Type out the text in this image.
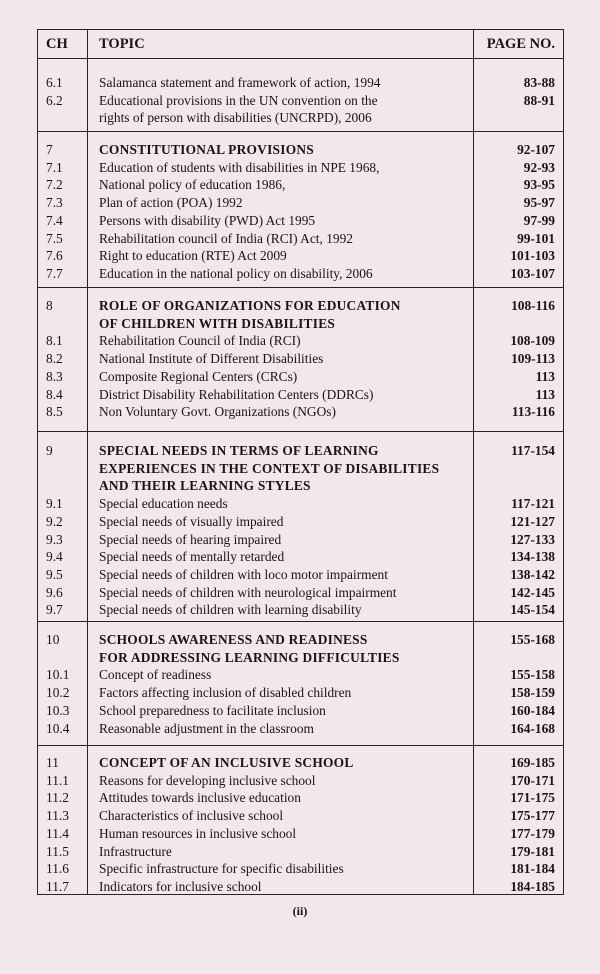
CH TOPIC	PAGE NO.
6.1	Salamanca statement and framework of action, 1994	83-88
6.2	Educational provisions in the UN convention on the	88-91
rights of person with disabilities (UNCRPD), 2006
7	CONSTITUTIONAL PROVISIONS	92-107
7.1	Education of students with disabilities in NPE 1968,	92-93
7.2	National policy of education 1986,	93-95
7.3	Plan of action (POA) 1992	95-97
7.4	Persons with disability (PWD) Act 1995	97-99
7.5	Rehabilitation council of India (RCI) Act, 1992	99-101
7.6	Right to education (RTE) Act 2009	101-103
7.7	Education in the national policy on disability, 2006	103-107
8	ROLE OF ORGANIZATIONS FOR EDUCATION	108-116
OF CHILDREN WITH DISABILITIES
8.1	Rehabilitation Council of India (RCI)	108-109
8.2	National Institute of Different Disabilities	109-113
8.3	Composite Regional Centers (CRCs)	113
8.4	District Disability Rehabilitation Centers (DDRCs)	113
8.5	Non Voluntary Govt. Organizations (NGOs)	113-116
9	SPECIAL NEEDS IN TERMS OF LEARNING	117-154
EXPERIENCES IN THE CONTEXT OF DISABILITIES
AND THEIR LEARNING STYLES
9.1	Special education needs	117-121
9.2	Special needs of visually impaired	121-127
9.3	Special needs of hearing impaired	127-133
9.4	Special needs of mentally retarded	134-138
9.5	Special needs of children with loco motor impairment	138-142
9.6	Special needs of children with neurological impairment	142-145
9.7	Special needs of children with learning disability	145-154
10	SCHOOLS AWARENESS AND READINESS	155-168
FOR ADDRESSING LEARNING DIFFICULTIES
10.1 Concept of readiness	155-158
10.2 Factors affecting inclusion of disabled children	158-159
10.3 School preparedness to facilitate inclusion	160-184
10.4 Reasonable adjustment in the classroom	164-168
11	CONCEPT OF AN INCLUSIVE SCHOOL	169-185
11.1 Reasons for developing inclusive school	170-171
11.2 Attitudes towards inclusive education	171-175
11.3 Characteristics of inclusive school	175-177
11.4 Human resources in inclusive school	177-179
11.5 Infrastructure	179-181
11.6 Specific infrastructure for specific disabilities	181-184
11.7 Indicators for inclusive school	184-185
(ii)
